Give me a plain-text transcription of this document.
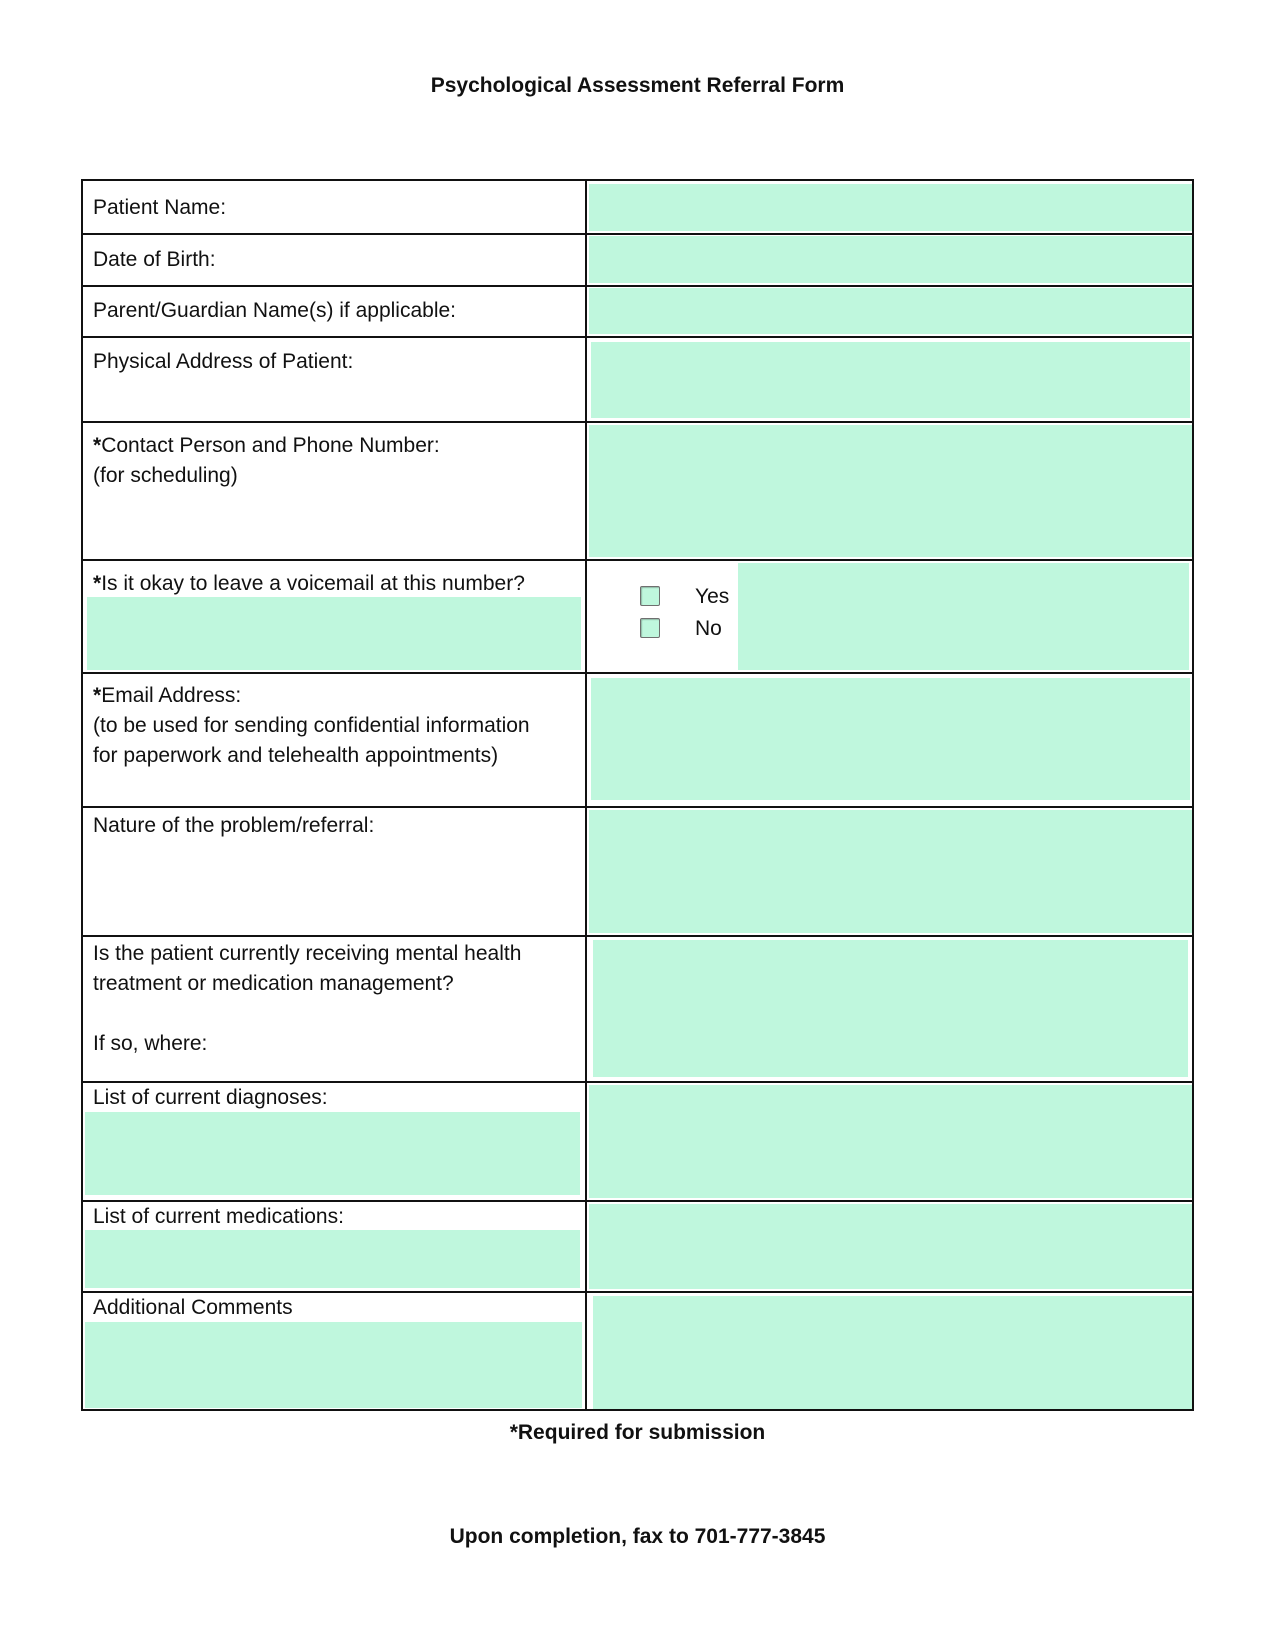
Psychological Assessment Referral Form
Patient Name:
Date of Birth:
Parent/Guardian Name(s) if applicable:
Physical Address of Patient:
*Contact Person and Phone Number:
(for scheduling)
*Is it okay to leave a voicemail at this number?
Yes
No
*Email Address:
(to be used for sending confidential information
for paperwork and telehealth appointments)
Nature of the problem/referral:
Is the patient currently receiving mental health
treatment or medication management?

If so, where:
List of current diagnoses:
List of current medications:
Additional Comments
*Required for submission
Upon completion, fax to 701-777-3845
